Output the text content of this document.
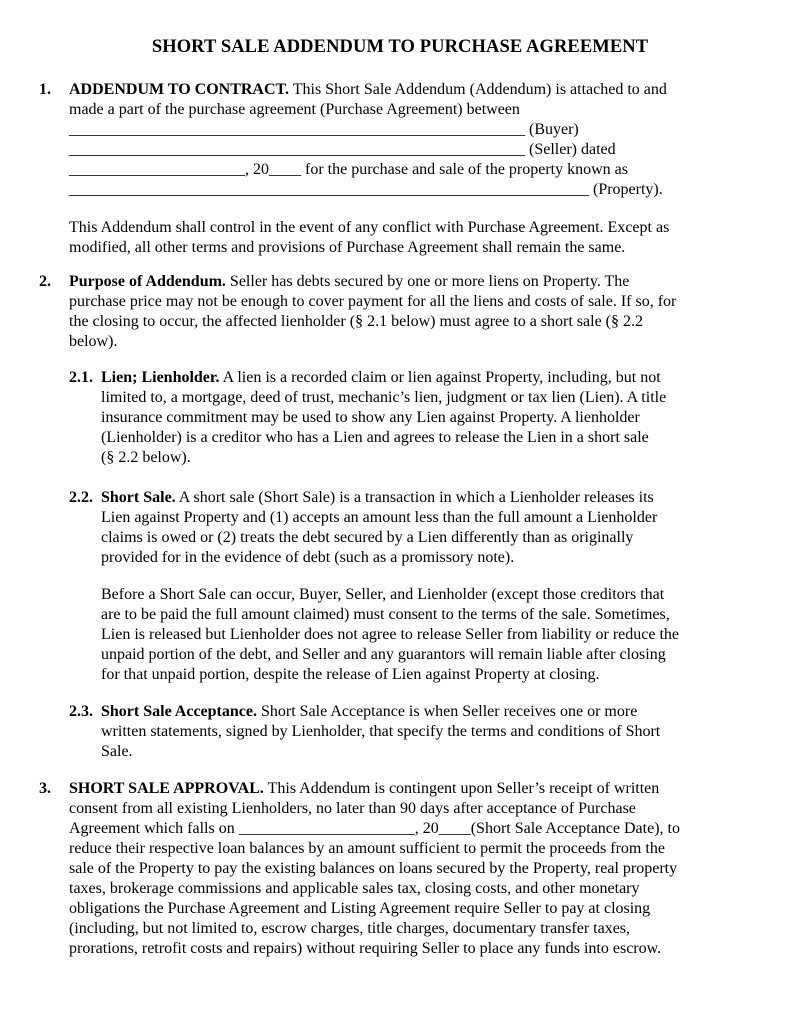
SHORT SALE ADDENDUM TO PURCHASE AGREEMENT
1. ADDENDUM TO CONTRACT. This Short Sale Addendum (Addendum) is attached to and
made a part of the purchase agreement (Purchase Agreement) between
_________________________________________________________ (Buyer)
_________________________________________________________ (Seller) dated
______________________, 20____ for the purchase and sale of the property known as
_________________________________________________________________ (Property).
This Addendum shall control in the event of any conflict with Purchase Agreement. Except as
modified, all other terms and provisions of Purchase Agreement shall remain the same.
2. Purpose of Addendum. Seller has debts secured by one or more liens on Property. The
purchase price may not be enough to cover payment for all the liens and costs of sale. If so, for
the closing to occur, the affected lienholder (§ 2.1 below) must agree to a short sale (§ 2.2
below).
2.1. Lien; Lienholder. A lien is a recorded claim or lien against Property, including, but not
limited to, a mortgage, deed of trust, mechanic’s lien, judgment or tax lien (Lien). A title
insurance commitment may be used to show any Lien against Property. A lienholder
(Lienholder) is a creditor who has a Lien and agrees to release the Lien in a short sale
(§ 2.2 below).
2.2. Short Sale. A short sale (Short Sale) is a transaction in which a Lienholder releases its
Lien against Property and (1) accepts an amount less than the full amount a Lienholder
claims is owed or (2) treats the debt secured by a Lien differently than as originally
provided for in the evidence of debt (such as a promissory note).
Before a Short Sale can occur, Buyer, Seller, and Lienholder (except those creditors that
are to be paid the full amount claimed) must consent to the terms of the sale. Sometimes,
Lien is released but Lienholder does not agree to release Seller from liability or reduce the
unpaid portion of the debt, and Seller and any guarantors will remain liable after closing
for that unpaid portion, despite the release of Lien against Property at closing.
2.3. Short Sale Acceptance. Short Sale Acceptance is when Seller receives one or more
written statements, signed by Lienholder, that specify the terms and conditions of Short
Sale.
3. SHORT SALE APPROVAL. This Addendum is contingent upon Seller’s receipt of written
consent from all existing Lienholders, no later than 90 days after acceptance of Purchase
Agreement which falls on ______________________, 20____(Short Sale Acceptance Date), to
reduce their respective loan balances by an amount sufficient to permit the proceeds from the
sale of the Property to pay the existing balances on loans secured by the Property, real property
taxes, brokerage commissions and applicable sales tax, closing costs, and other monetary
obligations the Purchase Agreement and Listing Agreement require Seller to pay at closing
(including, but not limited to, escrow charges, title charges, documentary transfer taxes,
prorations, retrofit costs and repairs) without requiring Seller to place any funds into escrow.
